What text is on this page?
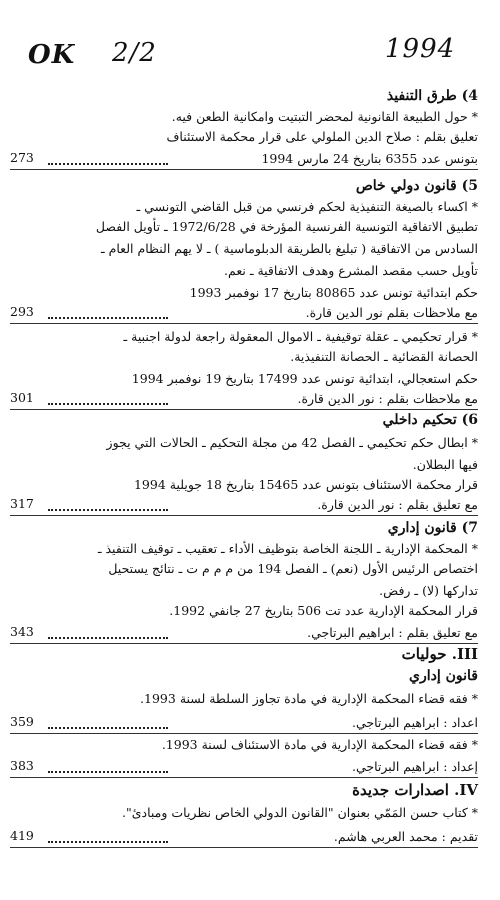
OK 2/2	1994
4) طرق التنفيذ
* حول الطبيعة القانونية لمحضر التبتيت وامكانية الطعن فيه.
تعليق بقلم : صلاح الدين الملولي على قرار محكمة الاستئناف
بتونس عدد 6355 بتاريخ 24 مارس 1994
273
5) قانون دولي خاص
* اكساء بالصيغة التنفيذية لحكم فرنسي من قبل القاضي التونسي ـ
تطبيق الاتفاقية التونسية الفرنسية المؤرخة في 1972/6/28 ـ تأويل الفصل
السادس من الاتفاقية ( تبليغ بالطريقة الدبلوماسية ) ـ لا يهم النظام العام ـ
تأويل حسب مقصد المشرع وهدف الاتفاقية ـ نعم.
حكم ابتدائية تونس عدد 80865 بتاريخ 17 نوفمبر 1993
مع ملاحظات بقلم نور الدين قارة.
293
* قرار تحكيمي ـ عقلة توقيفية ـ الاموال المعقولة راجعة لدولة اجنبية ـ
الحصانة القضائية ـ الحصانة التنفيذية.
حكم استعجالي، ابتدائية تونس عدد 17499 بتاريخ 19 نوفمبر 1994
مع ملاحظات بقلم : نور الدين قارة.
301
6) تحكيم داخلي
* ابطال حكم تحكيمي ـ الفصل 42 من مجلة التحكيم ـ الحالات التي يجوز
فيها البطلان.
قرار محكمة الاستئناف بتونس عدد 15465 بتاريخ 18 جويلية 1994
مع تعليق بقلم : نور الدين قارة.
317
7) قانون إداري
* المحكمة الإدارية ـ اللجنة الخاصة بتوظيف الأداء ـ تعقيب ـ توقيف التنفيذ ـ
اختصاص الرئيس الأول (نعم) ـ الفصل 194 من م م م ت ـ نتائج يستحيل
تداركها (لا) ـ رفض.
قرار المحكمة الإدارية عدد تت 506 بتاريخ 27 جانفي 1992.
مع تعليق بقلم : ابراهيم البرتاجي.
343
III. حوليات
قانون إداري
* فقه قضاء المحكمة الإدارية في مادة تجاوز السلطة لسنة 1993.
اعداد : ابراهيم البرتاجي.
359
* فقه قضاء المحكمة الإدارية في مادة الاستئناف لسنة 1993.
إعداد : ابراهيم البرتاجي.
383
IV. اصدارات جديدة
* كتاب حسن المَمّي بعنوان "القانون الدولي الخاص نظريات ومبادئ".
تقديم : محمد العربي هاشم.
419
